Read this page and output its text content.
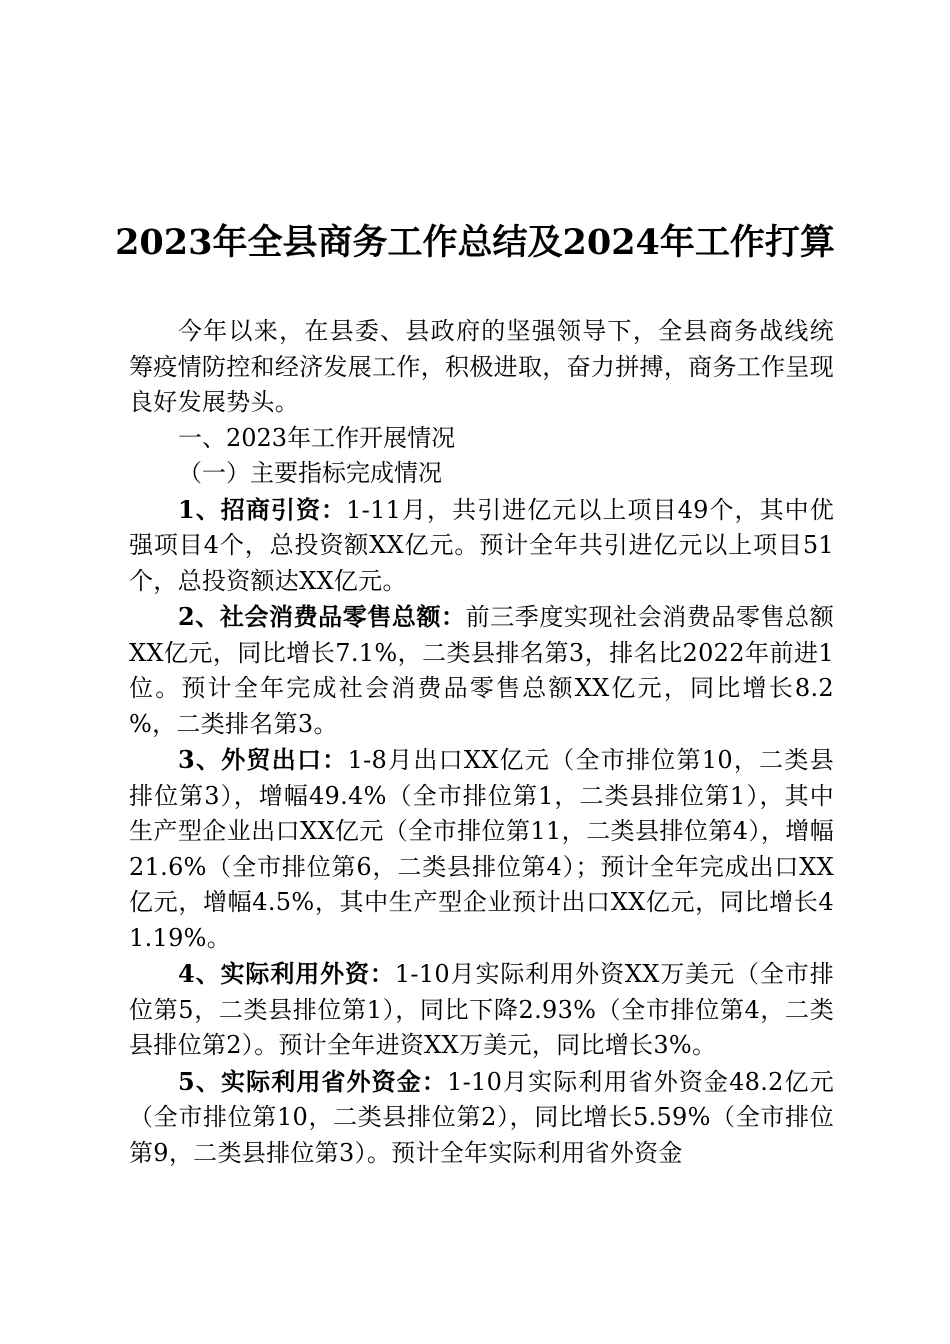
2023年全县商务工作总结及2024年工作打算

今年以来，在县委、县政府的坚强领导下，全县商务战线统筹疫情防控和经济发展工作，积极进取，奋力拼搏，商务工作呈现良好发展势头。

一、2023年工作开展情况

（一）主要指标完成情况

1、招商引资：1-11月，共引进亿元以上项目49个，其中优强项目4个，总投资额XX亿元。预计全年共引进亿元以上项目51个，总投资额达XX亿元。

2、社会消费品零售总额：前三季度实现社会消费品零售总额XX亿元，同比增长7.1%，二类县排名第3，排名比2022年前进1位。预计全年完成社会消费品零售总额XX亿元，同比增长8.2 %，二类排名第3。

3、外贸出口：1-8月出口XX亿元（全市排位第10，二类县排位第3），增幅49.4%（全市排位第1，二类县排位第1），其中生产型企业出口XX亿元（全市排位第11，二类县排位第4），增幅21.6%（全市排位第6，二类县排位第4）；预计全年完成出口XX亿元，增幅4.5%，其中生产型企业预计出口XX亿元，同比增长41.19%。

4、实际利用外资：1-10月实际利用外资XX万美元（全市排位第5，二类县排位第1），同比下降2.93%（全市排位第4，二类县排位第2）。预计全年进资XX万美元，同比增长3%。

5、实际利用省外资金：1-10月实际利用省外资金48.2亿元（全市排位第10，二类县排位第2），同比增长5.59%（全市排位第9，二类县排位第3）。预计全年实际利用省外资金
